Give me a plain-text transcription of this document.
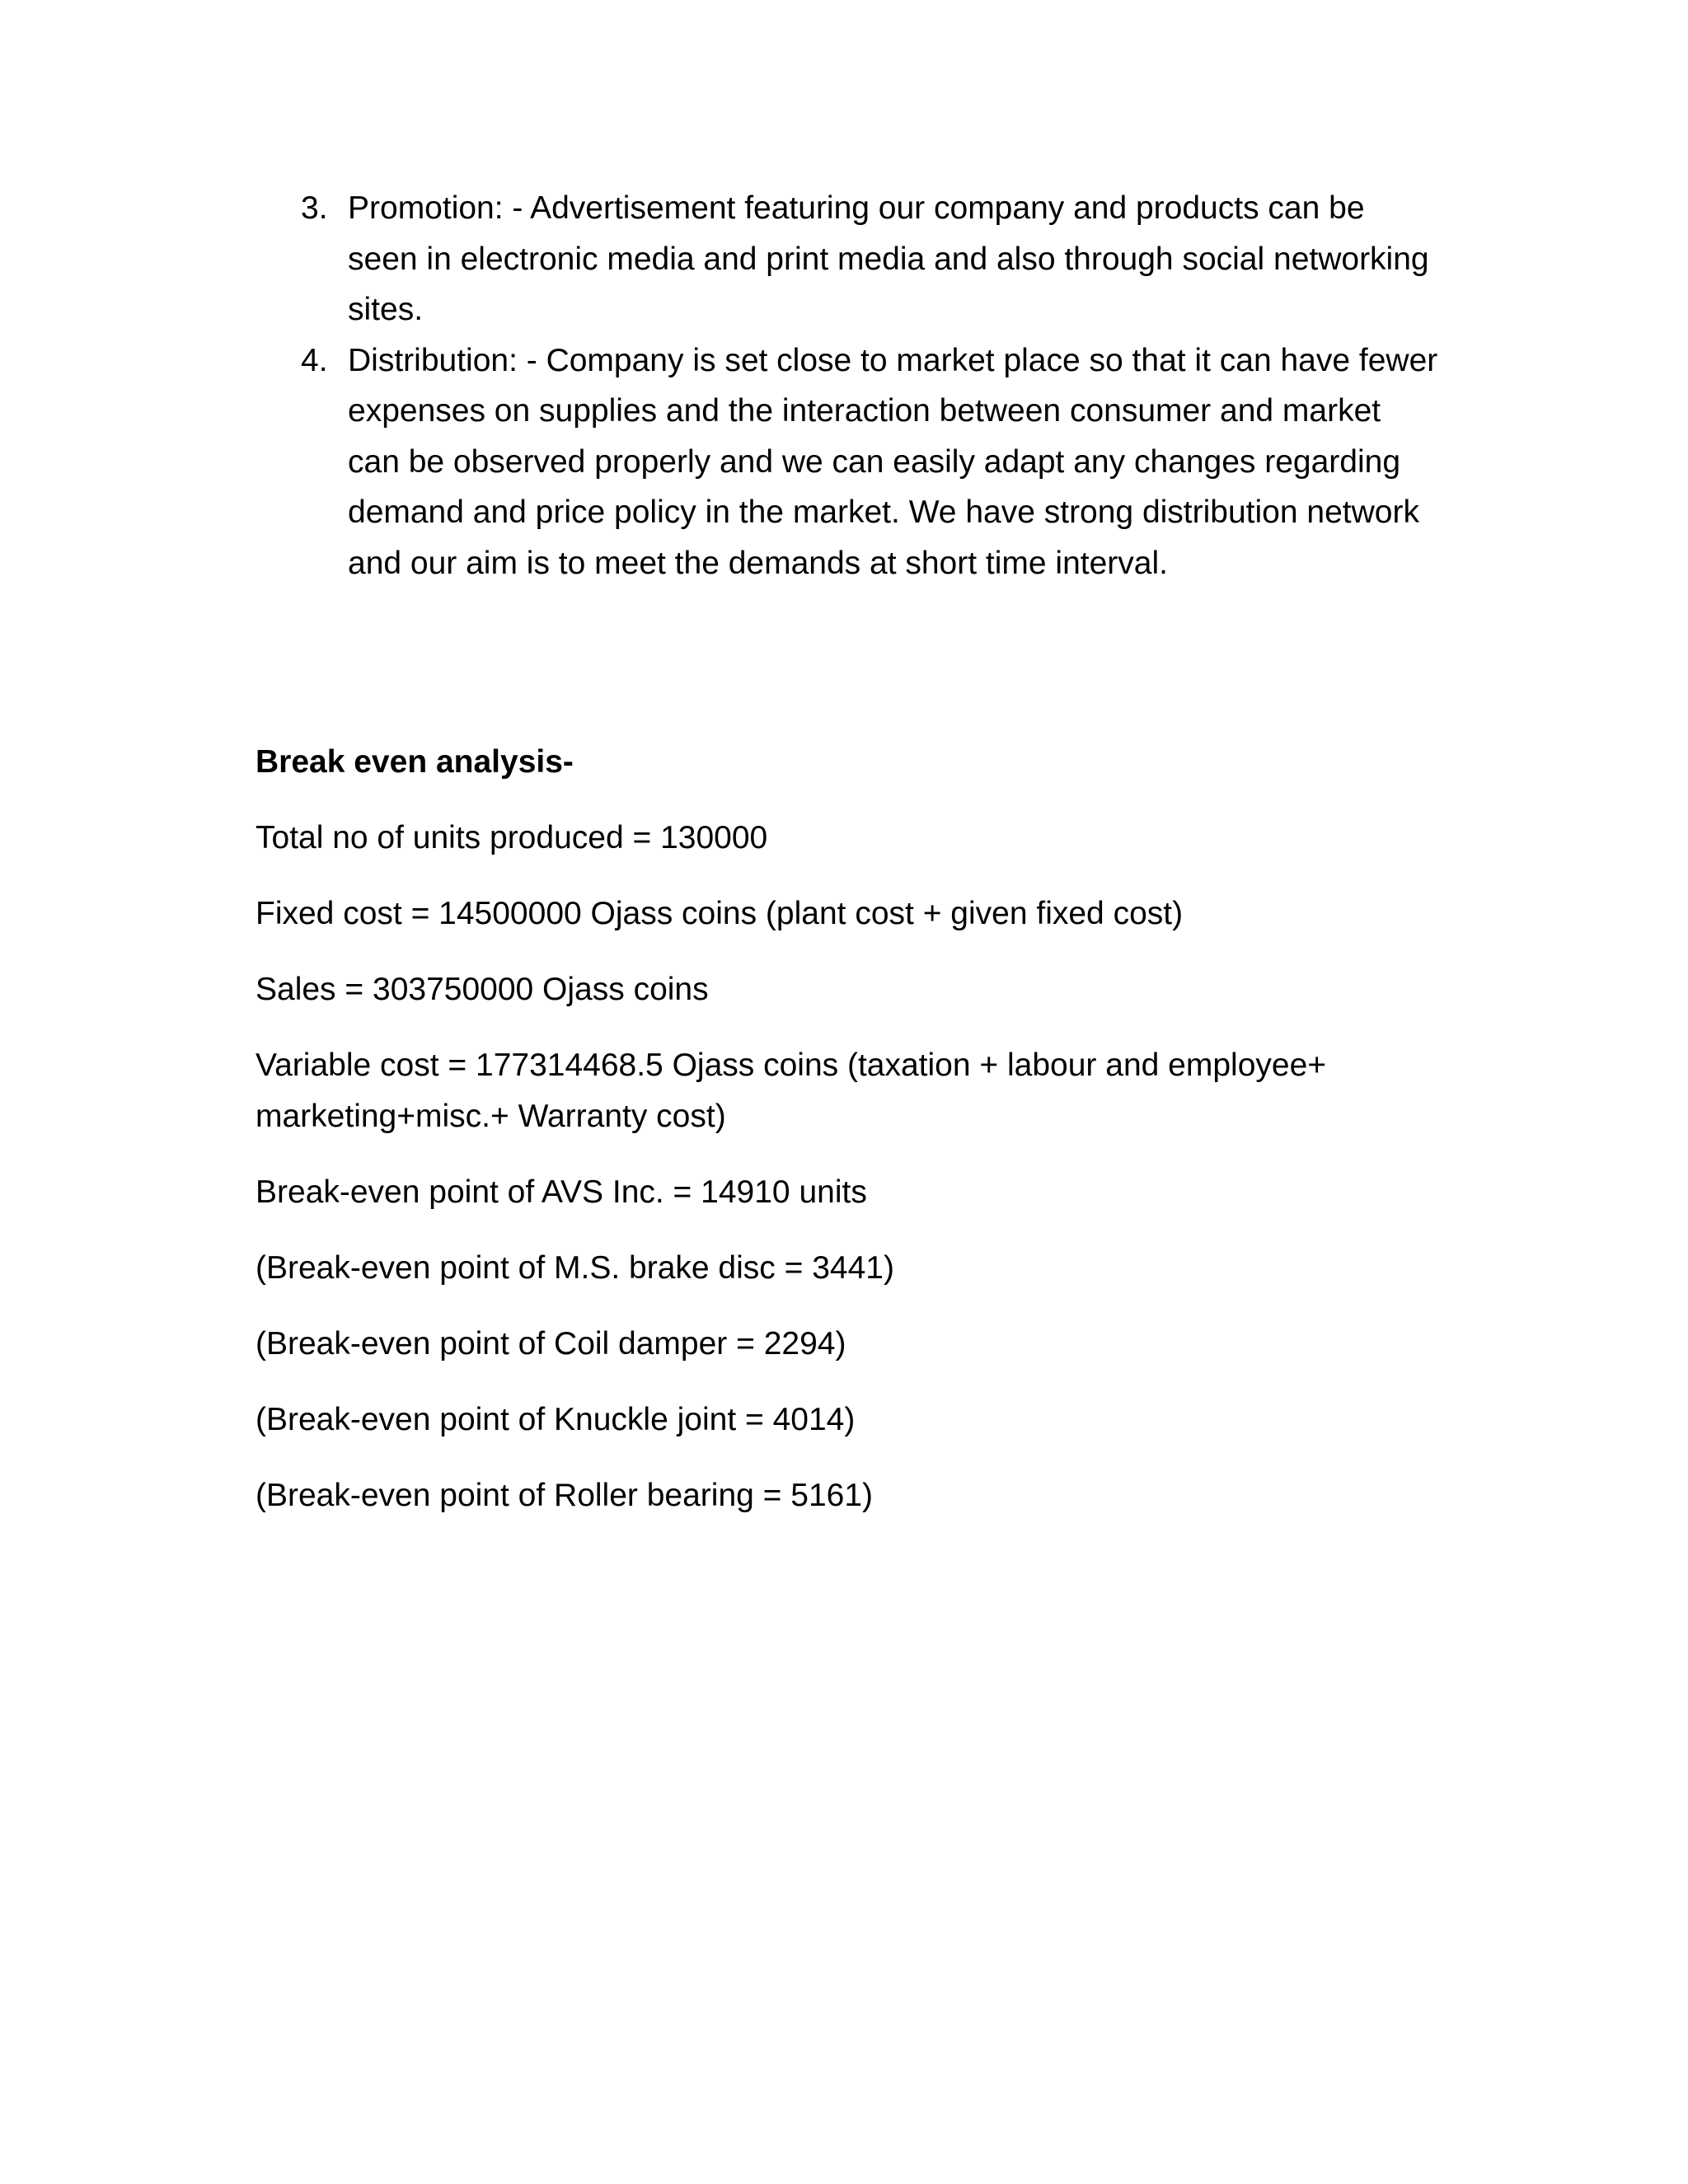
3. Promotion: - Advertisement featuring our company and products can be seen in electronic media and print media and also through social networking sites.
4. Distribution: - Company is set close to market place so that it can have fewer expenses on supplies and the interaction between consumer and market can be observed properly and we can easily adapt any changes regarding demand and price policy in the market. We have strong distribution network and our aim is to meet the demands at short time interval.
Break even analysis-
Total no of units produced = 130000
Fixed cost = 14500000 Ojass coins (plant cost + given fixed cost)
Sales = 303750000 Ojass coins
Variable cost = 177314468.5 Ojass coins (taxation + labour and employee+ marketing+misc.+ Warranty cost)
Break-even point of AVS Inc. = 14910 units
(Break-even point of M.S. brake disc = 3441)
(Break-even point of Coil damper = 2294)
(Break-even point of Knuckle joint = 4014)
(Break-even point of Roller bearing = 5161)
